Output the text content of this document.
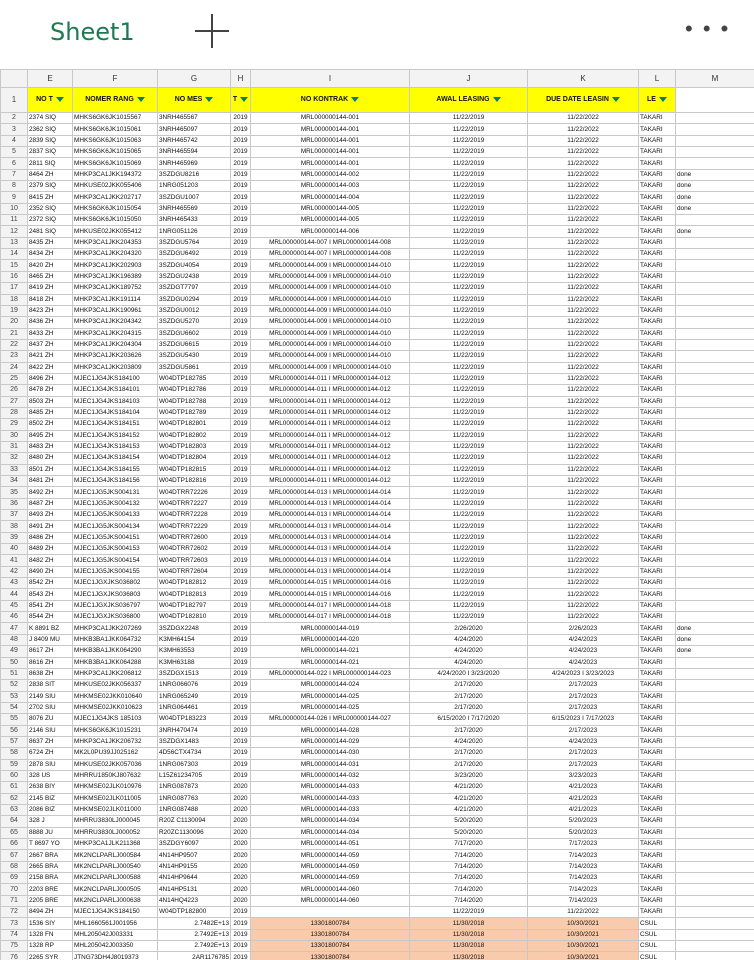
Sheet1	• • •
	E	F	G	H	I	J	K	L	M
1	NO T	NOMER RANG	NO MES	T	NO KONTRAK	AWAL LEASING	DUE DATE LEASIN	LE	
2	2374 SIQ	MHKS6GK6JK1015567	3NRH465567	2019	MRL000000144-001	11/22/2019	11/22/2022	TAKARI	
3	2362 SIQ	MHKS6GK6JK1015061	3NRH465097	2019	MRL000000144-001	11/22/2019	11/22/2022	TAKARI	
4	2839 SIQ	MHKS6GK6JK1015063	3NRH465742	2019	MRL000000144-001	11/22/2019	11/22/2022	TAKARI	
5	2837 SIQ	MHKS6GK6JK1015065	3NRH465594	2019	MRL000000144-001	11/22/2019	11/22/2022	TAKARI	
6	2811 SIQ	MHKS6GK6JK1015069	3NRH465969	2019	MRL000000144-001	11/22/2019	11/22/2022	TAKARI	
7	8464 ZH	MHKP3CA1JKK194372	3SZDGU8216	2019	MRL000000144-002	11/22/2019	11/22/2022	TAKARI	done
8	2379 SIQ	MHKUSE02JKK055406	1NRG051203	2019	MRL000000144-003	11/22/2019	11/22/2022	TAKARI	done
9	8415 ZH	MHKP3CA1JKK202717	3SZDGU1007	2019	MRL000000144-004	11/22/2019	11/22/2022	TAKARI	done
10	2352 SIQ	MHKS6GK6JK1015054	3NRH465569	2019	MRL000000144-005	11/22/2019	11/22/2022	TAKARI	done
11	2372 SIQ	MHKS6GK6JK1015050	3NRH465433	2019	MRL000000144-005	11/22/2019	11/22/2022	TAKARI	
12	2481 SIQ	MHKUSE02JKK055412	1NRG051126	2019	MRL000000144-006	11/22/2019	11/22/2022	TAKARI	done
13	8435 ZH	MHKP3CA1JKK204353	3SZDGU5764	2019	MRL000000144-007 I MRL000000144-008	11/22/2019	11/22/2022	TAKARI	
14	8434 ZH	MHKP3CA1JKK204320	3SZDGU6492	2019	MRL000000144-007 I MRL000000144-008	11/22/2019	11/22/2022	TAKARI	
15	8420 ZH	MHKP3CA1JKK202903	3SZDGU4054	2019	MRL000000144-009 I MRL000000144-010	11/22/2019	11/22/2022	TAKARI	
16	8465 ZH	MHKP3CA1JKK196389	3SZDGU2438	2019	MRL000000144-009 I MRL000000144-010	11/22/2019	11/22/2022	TAKARI	
17	8419 ZH	MHKP3CA1JKK189752	3SZDGT7797	2019	MRL000000144-009 I MRL000000144-010	11/22/2019	11/22/2022	TAKARI	
18	8418 ZH	MHKP3CA1JKK191114	3SZDGU0294	2019	MRL000000144-009 I MRL000000144-010	11/22/2019	11/22/2022	TAKARI	
19	8423 ZH	MHKP3CA1JKK190961	3SZDGU0012	2019	MRL000000144-009 I MRL000000144-010	11/22/2019	11/22/2022	TAKARI	
20	8436 ZH	MHKP3CA1JKK204342	3SZDGU5270	2019	MRL000000144-009 I MRL000000144-010	11/22/2019	11/22/2022	TAKARI	
21	8433 ZH	MHKP3CA1JKK204315	3SZDGU6602	2019	MRL000000144-009 I MRL000000144-010	11/22/2019	11/22/2022	TAKARI	
22	8437 ZH	MHKP3CA1JKK204304	3SZDGU6615	2019	MRL000000144-009 I MRL000000144-010	11/22/2019	11/22/2022	TAKARI	
23	8421 ZH	MHKP3CA1JKK203626	3SZDGU5430	2019	MRL000000144-009 I MRL000000144-010	11/22/2019	11/22/2022	TAKARI	
24	8422 ZH	MHKP3CA1JKK203809	3SZDGU5861	2019	MRL000000144-009 I MRL000000144-010	11/22/2019	11/22/2022	TAKARI	
25	8496 ZH	MJEC1JG4JKS184100	W04DTP182785	2019	MRL000000144-011 I MRL000000144-012	11/22/2019	11/22/2022	TAKARI	
26	8478 ZH	MJEC1JG4JKS184101	W04DTP182786	2019	MRL000000144-011 I MRL000000144-012	11/22/2019	11/22/2022	TAKARI	
27	8503 ZH	MJEC1JG4JKS184103	W04DTP182788	2019	MRL000000144-011 I MRL000000144-012	11/22/2019	11/22/2022	TAKARI	
28	8485 ZH	MJEC1JG4JKS184104	W04DTP182789	2019	MRL000000144-011 I MRL000000144-012	11/22/2019	11/22/2022	TAKARI	
29	8502 ZH	MJEC1JG4JKS184151	W04DTP182801	2019	MRL000000144-011 I MRL000000144-012	11/22/2019	11/22/2022	TAKARI	
30	8495 ZH	MJEC1JG4JKS184152	W04DTP182802	2019	MRL000000144-011 I MRL000000144-012	11/22/2019	11/22/2022	TAKARI	
31	8483 ZH	MJEC1JG4JKS184153	W04DTP182803	2019	MRL000000144-011 I MRL000000144-012	11/22/2019	11/22/2022	TAKARI	
32	8480 ZH	MJEC1JG4JKS184154	W04DTP182804	2019	MRL000000144-011 I MRL000000144-012	11/22/2019	11/22/2022	TAKARI	
33	8501 ZH	MJEC1JG4JKS184155	W04DTP182815	2019	MRL000000144-011 I MRL000000144-012	11/22/2019	11/22/2022	TAKARI	
34	8481 ZH	MJEC1JG4JKS184156	W04DTP182816	2019	MRL000000144-011 I MRL000000144-012	11/22/2019	11/22/2022	TAKARI	
35	8492 ZH	MJEC1JG5JKS004131	W04DTRR72226	2019	MRL000000144-013 I MRL000000144-014	11/22/2019	11/22/2022	TAKARI	
36	8487 ZH	MJEC1JG5JKS004132	W04DTRR72227	2019	MRL000000144-013 I MRL000000144-014	11/22/2019	11/22/2022	TAKARI	
37	8493 ZH	MJEC1JG5JKS004133	W04DTRR72228	2019	MRL000000144-013 I MRL000000144-014	11/22/2019	11/22/2022	TAKARI	
38	8491 ZH	MJEC1JG5JKS004134	W04DTRR72229	2019	MRL000000144-013 I MRL000000144-014	11/22/2019	11/22/2022	TAKARI	
39	8486 ZH	MJEC1JG5JKS004151	W04DTRR72600	2019	MRL000000144-013 I MRL000000144-014	11/22/2019	11/22/2022	TAKARI	
40	8489 ZH	MJEC1JG5JKS004153	W04DTRR72602	2019	MRL000000144-013 I MRL000000144-014	11/22/2019	11/22/2022	TAKARI	
41	8482 ZH	MJEC1JG5JKS004154	W04DTRR72603	2019	MRL000000144-013 I MRL000000144-014	11/22/2019	11/22/2022	TAKARI	
42	8490 ZH	MJEC1JG5JKS004155	W04DTRR72604	2019	MRL000000144-013 I MRL000000144-014	11/22/2019	11/22/2022	TAKARI	
43	8542 ZH	MJEC1JGXJKS036802	W04DTP182812	2019	MRL000000144-015 I MRL000000144-016	11/22/2019	11/22/2022	TAKARI	
44	8543 ZH	MJEC1JGXJKS036803	W04DTP182813	2019	MRL000000144-015 I MRL000000144-016	11/22/2019	11/22/2022	TAKARI	
45	8541 ZH	MJEC1JGXJKS036797	W04DTP182797	2019	MRL000000144-017 I MRL000000144-018	11/22/2019	11/22/2022	TAKARI	
46	8544 ZH	MJEC1JGXJKS036800	W04DTP182810	2019	MRL000000144-017 I MRL000000144-018	11/22/2019	11/22/2022	TAKARI	
47	K 8891 BZ	MHKP3CA1JKK207269	3SZDGX2248	2019	MRL000000144-019	2/26/2020	2/26/2023	TAKARI	done
48	J 8409 MU	MHKB3BA1JKK064732	K3MH64154	2019	MRL000000144-020	4/24/2020	4/24/2023	TAKARI	done
49	8617 ZH	MHKB3BA1JKK064290	K3MH63553	2019	MRL000000144-021	4/24/2020	4/24/2023	TAKARI	done
50	8616 ZH	MHKB3BA1JKK064288	K3MH63188	2019	MRL000000144-021	4/24/2020	4/24/2023	TAKARI	
51	8638 ZH	MHKP3CA1JKK206812	3SZDGX1513	2019	MRL000000144-022 I MRL000000144-023	4/24/2020 I 3/23/2020	4/24/2023 I 3/23/2023	TAKARI	
52	2838 SIT	MHKUSE02JKK056337	1NRG066076	2019	MRL000000144-024	2/17/2020	2/17/2023	TAKARI	
53	2149 SIU	MHKMSE02JKK010640	1NRG065249	2019	MRL000000144-025	2/17/2020	2/17/2023	TAKARI	
54	2702 SIU	MHKMSE02JKK010623	1NRG064461	2019	MRL000000144-025	2/17/2020	2/17/2023	TAKARI	
55	8076 ZU	MJEC1JG4JKS 185103	W04DTP183223	2019	MRL000000144-026 I MRL000000144-027	6/15/2020 I 7/17/2020	6/15/2023 I 7/17/2023	TAKARI	
56	2146 SIU	MHKS6GK6JK1015231	3NRH470474	2019	MRL000000144-028	2/17/2020	2/17/2023	TAKARI	
57	8637 ZH	MHKP3CA1JKK206732	3SZDGX1483	2019	MRL000000144-029	4/24/2020	4/24/2023	TAKARI	
58	6724 ZH	MK2L0PU39JJ025162	4D56CTX4734	2019	MRL000000144-030	2/17/2020	2/17/2023	TAKARI	
59	2878 SIU	MHKUSE02JKK057036	1NRG067303	2019	MRL000000144-031	2/17/2020	2/17/2023	TAKARI	
60	328 US	MHRRU1850KJ807632	L15Z61234705	2019	MRL000000144-032	3/23/2020	3/23/2023	TAKARI	
61	2638 BIY	MHKMSE02JLK010976	1NRG087873	2020	MRL000000144-033	4/21/2020	4/21/2023	TAKARI	
62	2145 BIZ	MHKMSE02JLK011005	1NRG087763	2020	MRL000000144-033	4/21/2020	4/21/2023	TAKARI	
63	2086 BIZ	MHKMSE02JLK011000	1NRG087488	2020	MRL000000144-033	4/21/2020	4/21/2023	TAKARI	
64	328 J	MHRRU3830LJ000045	R20Z C1130094	2020	MRL000000144-034	5/20/2020	5/20/2023	TAKARI	
65	8888 JU	MHRRU3830LJ000052	R20ZC1130096	2020	MRL000000144-034	5/20/2020	5/20/2023	TAKARI	
66	T 8697 YO	MHKP3CA1JLK211368	3SZDGY6097	2020	MRL000000144-051	7/17/2020	7/17/2023	TAKARI	
67	2667 BRA	MK2NCLPARLJ000584	4N14HP9507	2020	MRL000000144-059	7/14/2020	7/14/2023	TAKARI	
68	2665 BRA	MK2NCLPARLJ000540	4N14HP9155	2020	MRL000000144-059	7/14/2020	7/14/2023	TAKARI	
69	2158 BRA	MK2NCLPARLJ000588	4N14HP9644	2020	MRL000000144-059	7/14/2020	7/14/2023	TAKARI	
70	2203 BRE	MK2NCLPARLJ000505	4N14HP5131	2020	MRL000000144-060	7/14/2020	7/14/2023	TAKARI	
71	2205 BRE	MK2NCLPARLJ000638	4N14HQ4223	2020	MRL000000144-060	7/14/2020	7/14/2023	TAKARI	
72	8494 ZH	MJEC1JG4JKS184150	W04DTP182800	2019		11/22/2019	11/22/2022	TAKARI	
73	1536 SIY	MHL1660561J001956	2.7482E+13	2019	13301800784	11/30/2018	10/30/2021	CSUL	
74	1328 FN	MHL205042J003331	2.7492E+13	2019	13301800784	11/30/2018	10/30/2021	CSUL	
75	1328 RP	MHL205042J003350	2.7492E+13	2019	13301800784	11/30/2018	10/30/2021	CSUL	
76	2265 SYR	JTNG73DH4J8019373	2AR1176785	2019	13301800784	11/30/2018	10/30/2021	CSUL	
